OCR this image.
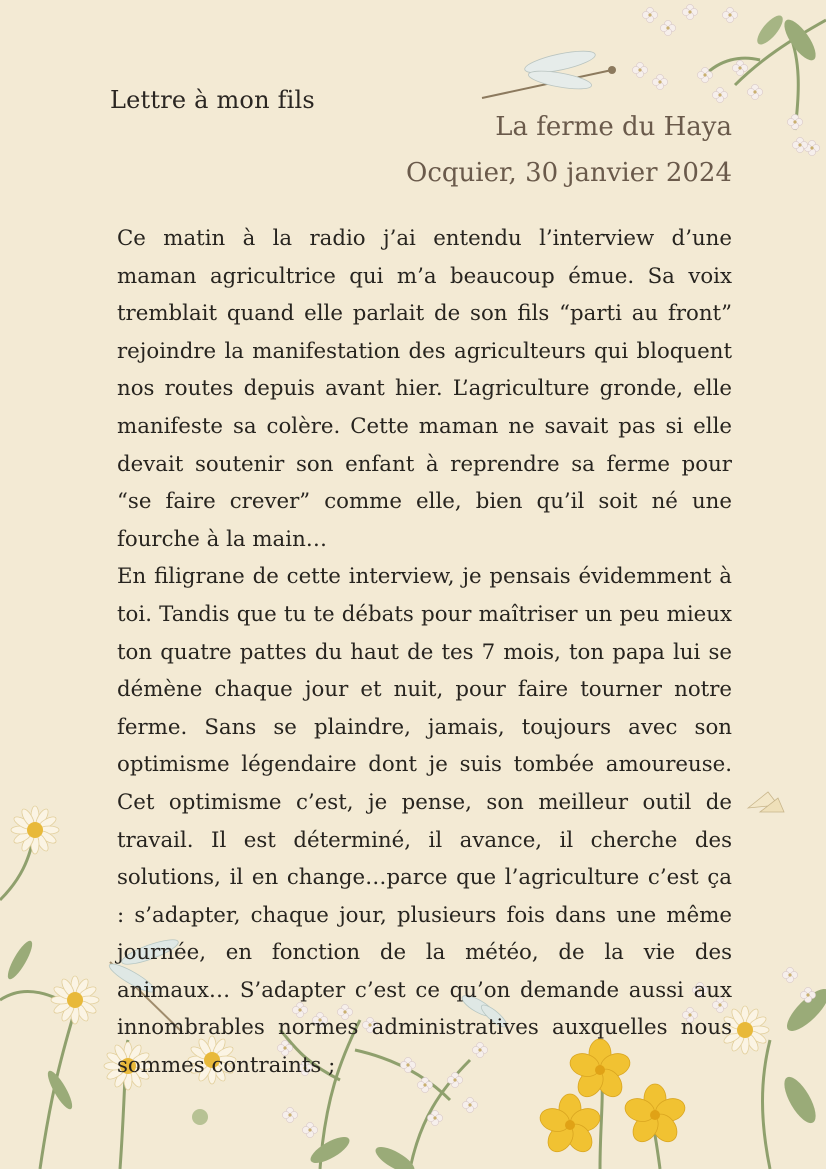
Lettre à mon fils
La ferme du Haya
Ocquier, 30 janvier 2024

Ce matin à la radio j’ai entendu l’interview d’une maman agricultrice qui m’a beaucoup émue. Sa voix tremblait quand elle parlait de son fils “parti au front” rejoindre la manifestation des agriculteurs qui bloquent nos routes depuis avant hier. L’agriculture gronde, elle manifeste sa colère. Cette maman ne savait pas si elle devait soutenir son enfant à reprendre sa ferme pour “se faire crever” comme elle, bien qu’il soit né une fourche à la main…

En filigrane de cette interview, je pensais évidemment à toi. Tandis que tu te débats pour maîtriser un peu mieux ton quatre pattes du haut de tes 7 mois, ton papa lui se démène chaque jour et nuit, pour faire tourner notre ferme. Sans se plaindre, jamais, toujours avec son optimisme légendaire dont je suis tombée amoureuse. Cet optimisme c’est, je pense, son meilleur outil de travail. Il est déterminé, il avance, il cherche des solutions, il en change…parce que l’agriculture c’est ça : s’adapter, chaque jour, plusieurs fois dans une même journée, en fonction de la météo, de la vie des animaux… S’adapter c’est ce qu’on demande aussi aux innombrables normes administratives auxquelles nous sommes contraints ;
